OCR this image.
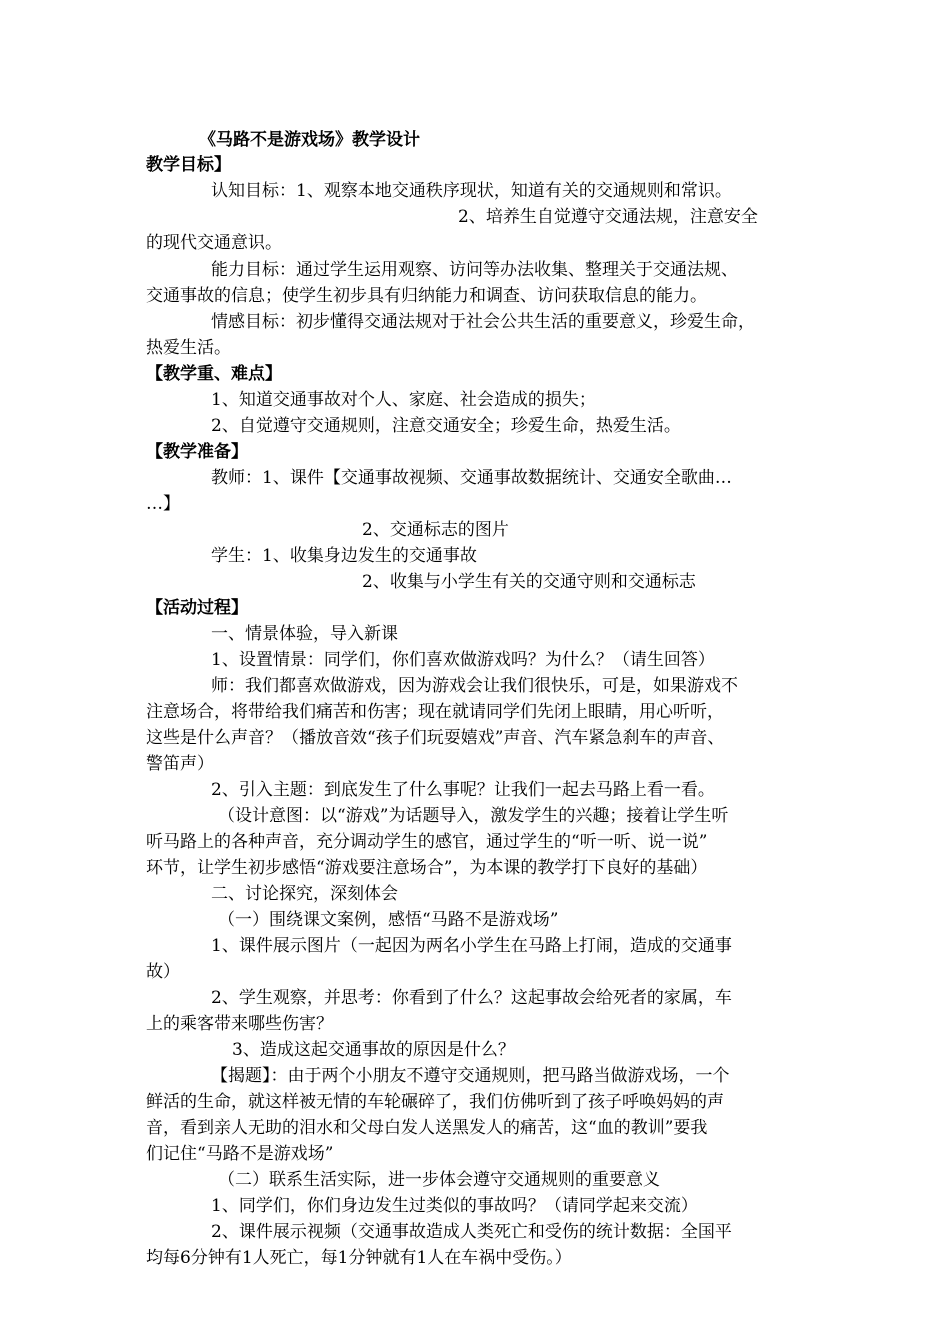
《马路不是游戏场》教学设计
教学目标】
认知目标：1、观察本地交通秩序现状，知道有关的交通规则和常识。
2、培养生自觉遵守交通法规，注意安全
的现代交通意识。
能力目标：通过学生运用观察、访问等办法收集、整理关于交通法规、
交通事故的信息；使学生初步具有归纳能力和调查、访问获取信息的能力。
情感目标：初步懂得交通法规对于社会公共生活的重要意义，珍爱生命，
热爱生活。
【教学重、难点】
1、知道交通事故对个人、家庭、社会造成的损失；
2、自觉遵守交通规则，注意交通安全；珍爱生命，热爱生活。
【教学准备】
教师：1、课件【交通事故视频、交通事故数据统计、交通安全歌曲…
…】
2、交通标志的图片
学生：1、收集身边发生的交通事故
2、收集与小学生有关的交通守则和交通标志
【活动过程】
一、情景体验，导入新课
1、设置情景：同学们，你们喜欢做游戏吗？为什么？（请生回答）
师：我们都喜欢做游戏，因为游戏会让我们很快乐，可是，如果游戏不
注意场合，将带给我们痛苦和伤害；现在就请同学们先闭上眼睛，用心听听，
这些是什么声音？（播放音效“孩子们玩耍嬉戏”声音、汽车紧急刹车的声音、
警笛声）
2、引入主题：到底发生了什么事呢？让我们一起去马路上看一看。
（设计意图：以“游戏”为话题导入，激发学生的兴趣；接着让学生听
听马路上的各种声音，充分调动学生的感官，通过学生的“听一听、说一说”
环节，让学生初步感悟“游戏要注意场合”，为本课的教学打下良好的基础）
二、讨论探究，深刻体会
（一）围绕课文案例，感悟“马路不是游戏场”
1、课件展示图片（一起因为两名小学生在马路上打闹，造成的交通事
故）
2、学生观察，并思考：你看到了什么？这起事故会给死者的家属，车
上的乘客带来哪些伤害？
3、造成这起交通事故的原因是什么？
【揭题】：由于两个小朋友不遵守交通规则，把马路当做游戏场，一个
鲜活的生命，就这样被无情的车轮碾碎了，我们仿佛听到了孩子呼唤妈妈的声
音，看到亲人无助的泪水和父母白发人送黑发人的痛苦，这“血的教训”要我
们记住“马路不是游戏场”
（二）联系生活实际，进一步体会遵守交通规则的重要意义
1、同学们，你们身边发生过类似的事故吗？（请同学起来交流）
2、课件展示视频（交通事故造成人类死亡和受伤的统计数据：全国平
均每6分钟有1人死亡，每1分钟就有1人在车祸中受伤。）
